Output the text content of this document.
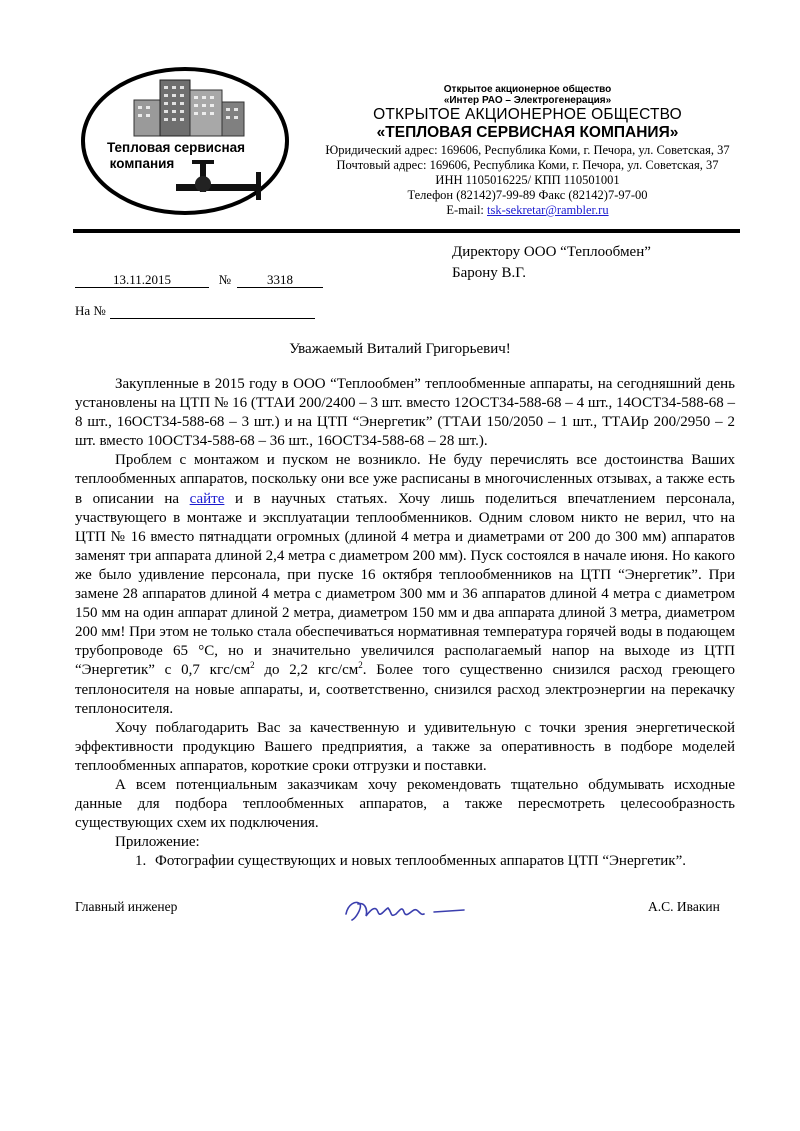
Тепловая сервисная
компания
Открытое акционерное общество
«Интер РАО – Электрогенерация»
ОТКРЫТОЕ АКЦИОНЕРНОЕ ОБЩЕСТВО
«ТЕПЛОВАЯ СЕРВИСНАЯ КОМПАНИЯ»
Юридический адрес: 169606, Республика Коми, г. Печора, ул. Советская, 37
Почтовый адрес: 169606, Республика Коми, г. Печора, ул. Советская, 37
ИНН 1105016225/ КПП 110501001
Телефон (82142)7-99-89 Факс (82142)7-97-00
E-mail: tsk-sekretar@rambler.ru
Директору ООО “Теплообмен”
Барону В.Г.
13.11.2015	№	3318
На №
Уважаемый Виталий Григорьевич!

Закупленные в 2015 году в ООО “Теплообмен” теплообменные аппараты, на сегодняшний день установлены на ЦТП № 16 (ТТАИ 200/2400 – 3 шт. вместо 12ОСТ34-588-68 – 4 шт., 14ОСТ34-588-68 – 8 шт., 16ОСТ34-588-68 – 3 шт.) и на ЦТП “Энергетик” (ТТАИ 150/2050 – 1 шт., ТТАИр 200/2950 – 2 шт. вместо 10ОСТ34-588-68 – 36 шт., 16ОСТ34-588-68 – 28 шт.).

Проблем с монтажом и пуском не возникло. Не буду перечислять все достоинства Ваших теплообменных аппаратов, поскольку они все уже расписаны в многочисленных отзывах, а также есть в описании на сайте и в научных статьях. Хочу лишь поделиться впечатлением персонала, участвующего в монтаже и эксплуатации теплообменников. Одним словом никто не верил, что на ЦТП № 16 вместо пятнадцати огромных (длиной 4 метра и диаметрами от 200 до 300 мм) аппаратов заменят три аппарата длиной 2,4 метра с диаметром 200 мм). Пуск состоялся в начале июня. Но какого же было удивление персонала, при пуске 16 октября теплообменников на ЦТП “Энергетик”. При замене 28 аппаратов длиной 4 метра с диаметром 300 мм и 36 аппаратов длиной 4 метра с диаметром 150 мм на один аппарат длиной 2 метра, диаметром 150 мм и два аппарата длиной 3 метра, диаметром 200 мм! При этом не только стала обеспечиваться нормативная температура горячей воды в подающем трубопроводе 65 °С, но и значительно увеличился располагаемый напор на выходе из ЦТП “Энергетик” с 0,7 кгс/$см^2$ до 2,2 кгс/$см^2$. Более того существенно снизился расход греющего теплоносителя на новые аппараты, и, соответственно, снизился расход электроэнергии на перекачку теплоносителя.

Хочу поблагодарить Вас за качественную и удивительную с точки зрения энергетической эффективности продукцию Вашего предприятия, а также за оперативность в подборе моделей теплообменных аппаратов, короткие сроки отгрузки и поставки.

А всем потенциальным заказчикам хочу рекомендовать тщательно обдумывать исходные данные для подбора теплообменных аппаратов, а также пересмотреть целесообразность существующих схем их подключения.

Приложение:
1. Фотографии существующих и новых теплообменных аппаратов ЦТП “Энергетик”.
Главный инженер	А.С. Ивакин
